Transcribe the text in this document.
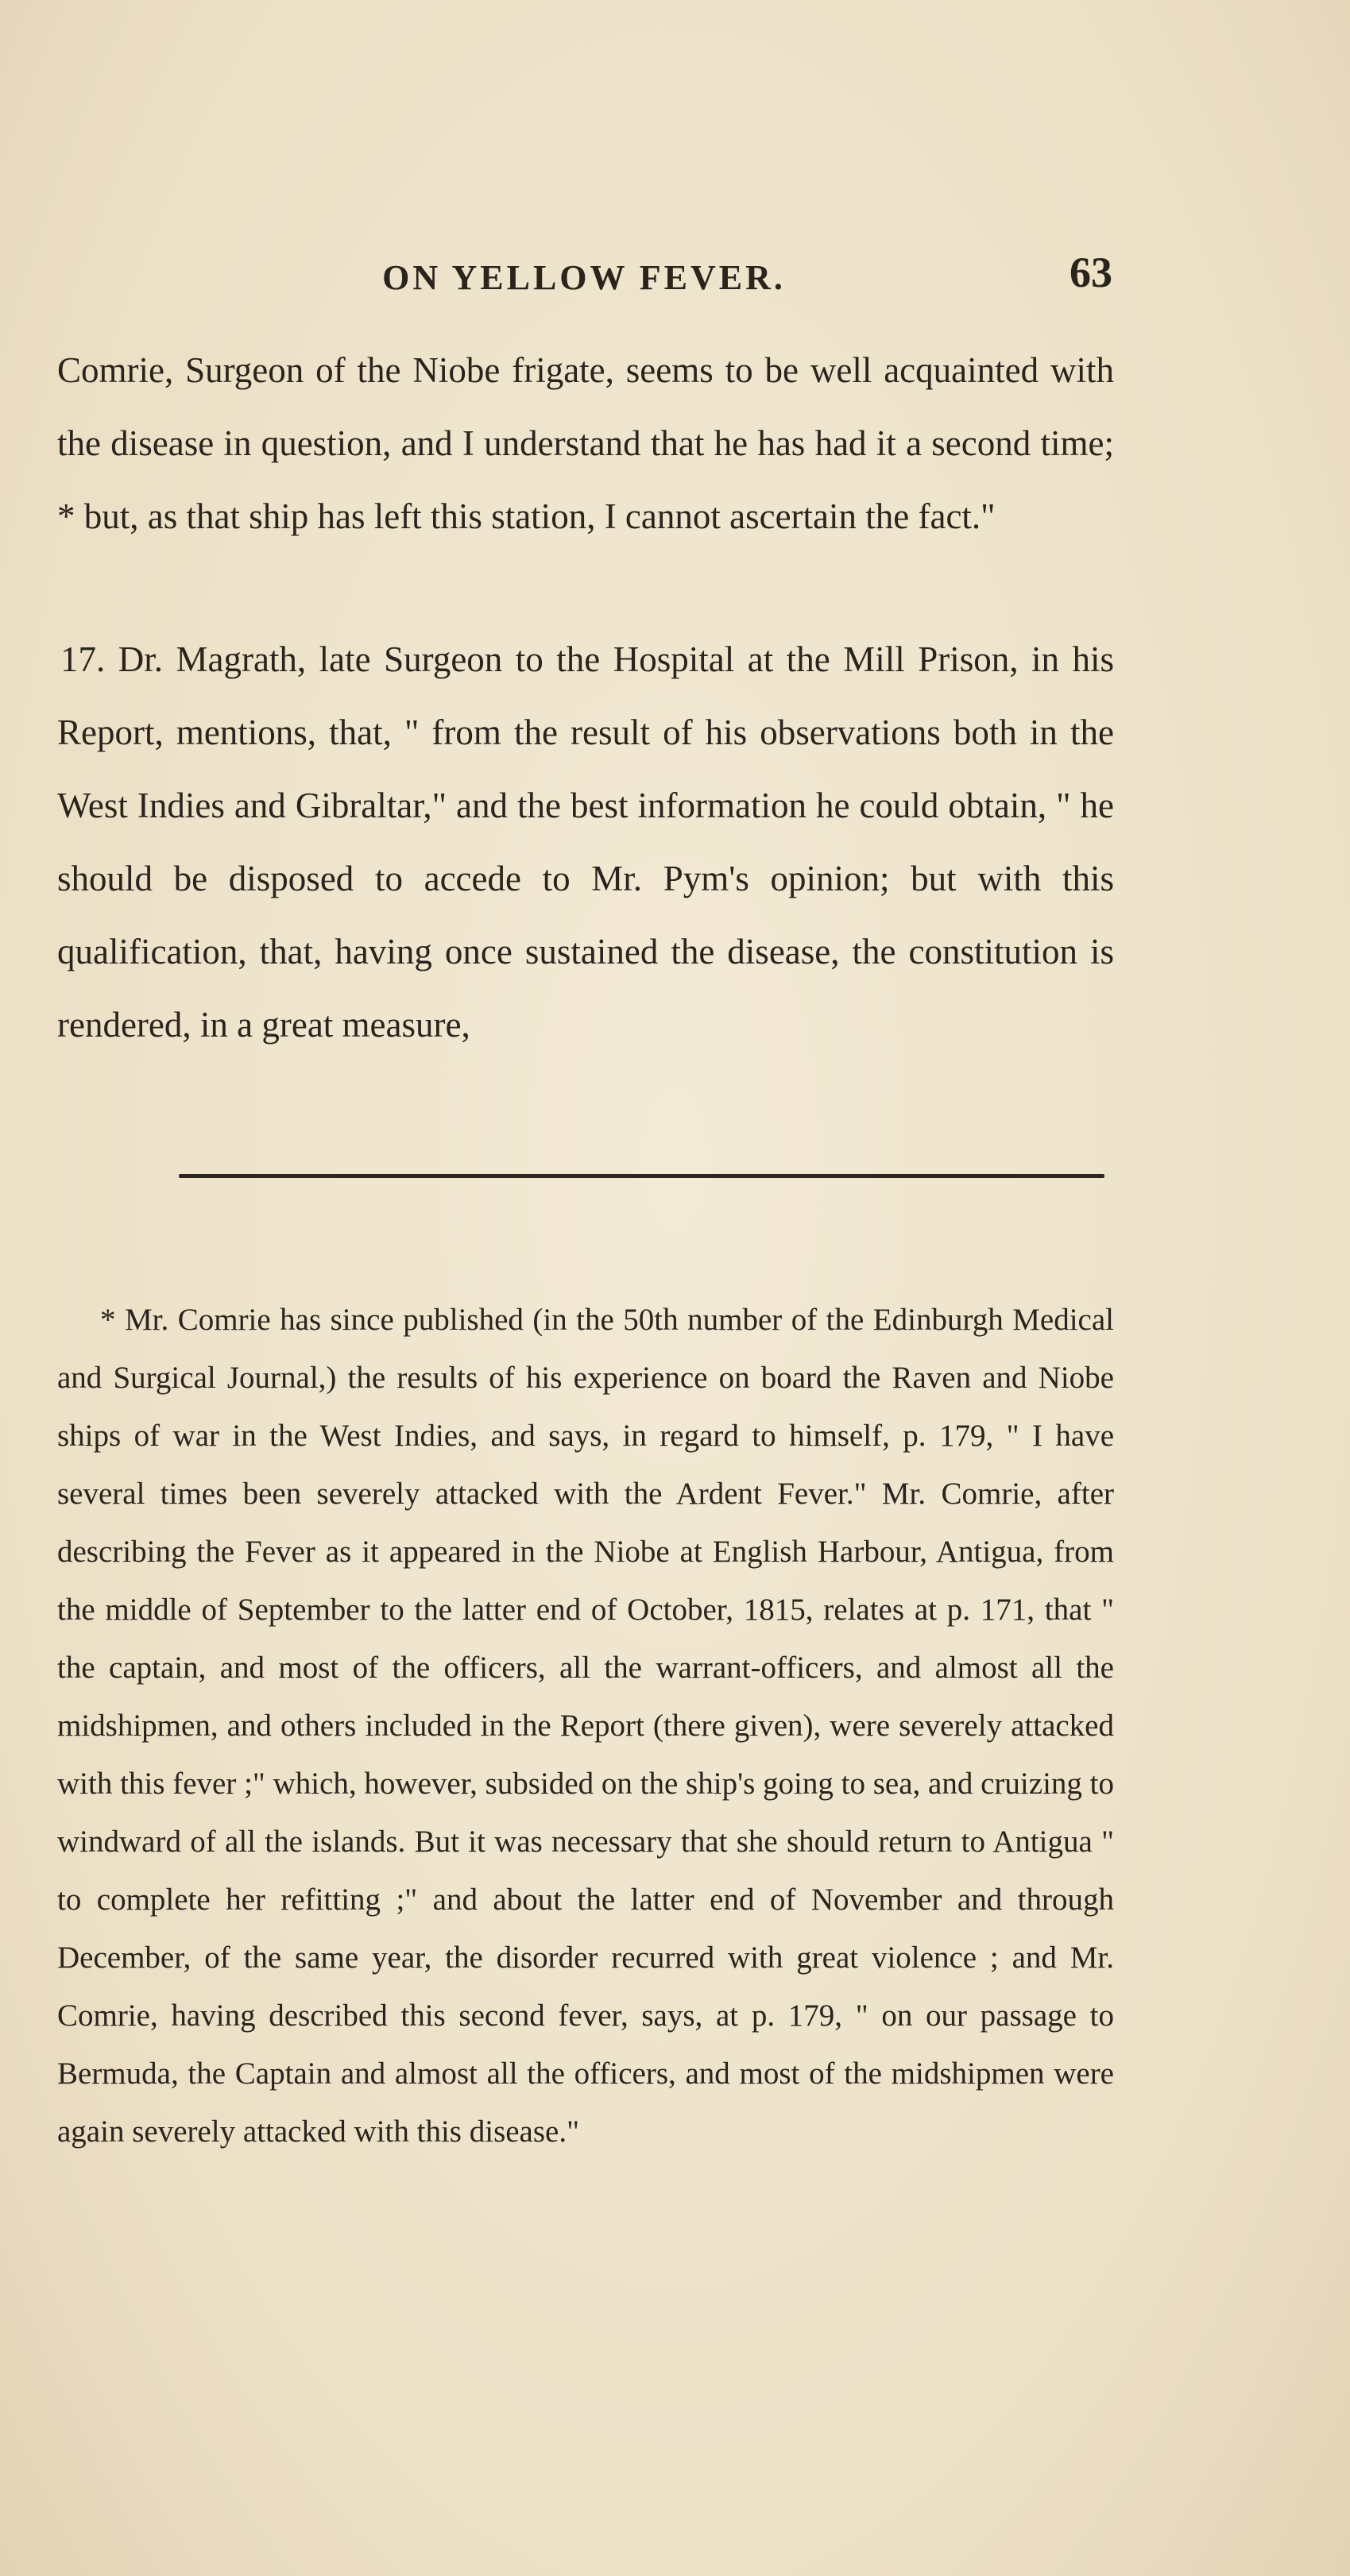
ON YELLOW FEVER.	63

Comrie, Surgeon of the Niobe frigate, seems to be well acquainted with the disease in question, and I understand that he has had it a second time; * but, as that ship has left this station, I cannot ascertain the fact."

17. Dr. Magrath, late Surgeon to the Hospital at the Mill Prison, in his Report, mentions, that, " from the result of his observations both in the West Indies and Gibraltar," and the best information he could obtain, " he should be disposed to accede to Mr. Pym's opinion; but with this qualification, that, having once sustained the disease, the constitution is rendered, in a great measure,

* Mr. Comrie has since published (in the 50th number of the Edinburgh Medical and Surgical Journal,) the results of his experience on board the Raven and Niobe ships of war in the West Indies, and says, in regard to himself, p. 179, " I have several times been severely attacked with the Ardent Fever." Mr. Comrie, after describing the Fever as it appeared in the Niobe at English Harbour, Antigua, from the middle of September to the latter end of October, 1815, relates at p. 171, that " the captain, and most of the officers, all the warrant-officers, and almost all the midshipmen, and others included in the Report (there given), were severely attacked with this fever ;" which, however, subsided on the ship's going to sea, and cruizing to windward of all the islands. But it was necessary that she should return to Antigua " to complete her refitting ;" and about the latter end of November and through December, of the same year, the disorder recurred with great violence ; and Mr. Comrie, having described this second fever, says, at p. 179, " on our passage to Bermuda, the Captain and almost all the officers, and most of the midshipmen were again severely attacked with this disease."
